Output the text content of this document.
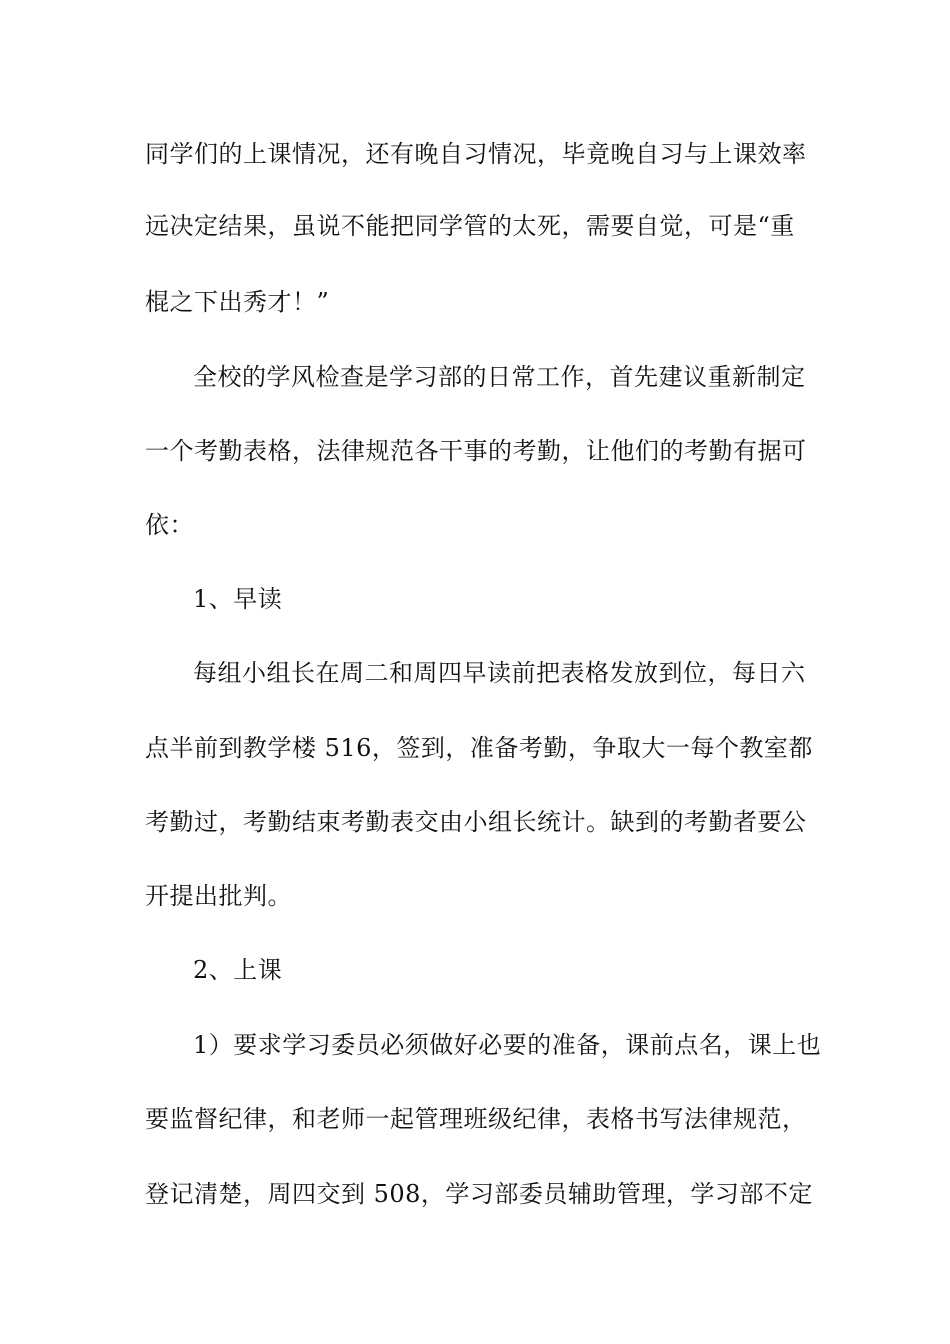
同学们的上课情况，还有晚自习情况，毕竟晚自习与上课效率
远决定结果，虽说不能把同学管的太死，需要自觉，可是“重
棍之下出秀才！”
全校的学风检查是学习部的日常工作，首先建议重新制定
一个考勤表格，法律规范各干事的考勤，让他们的考勤有据可
依：
1、早读
每组小组长在周二和周四早读前把表格发放到位，每日六
点半前到教学楼 516，签到，准备考勤，争取大一每个教室都
考勤过，考勤结束考勤表交由小组长统计。缺到的考勤者要公
开提出批判。
2、上课
1）要求学习委员必须做好必要的准备，课前点名，课上也
要监督纪律，和老师一起管理班级纪律，表格书写法律规范，
登记清楚，周四交到 508，学习部委员辅助管理，学习部不定
